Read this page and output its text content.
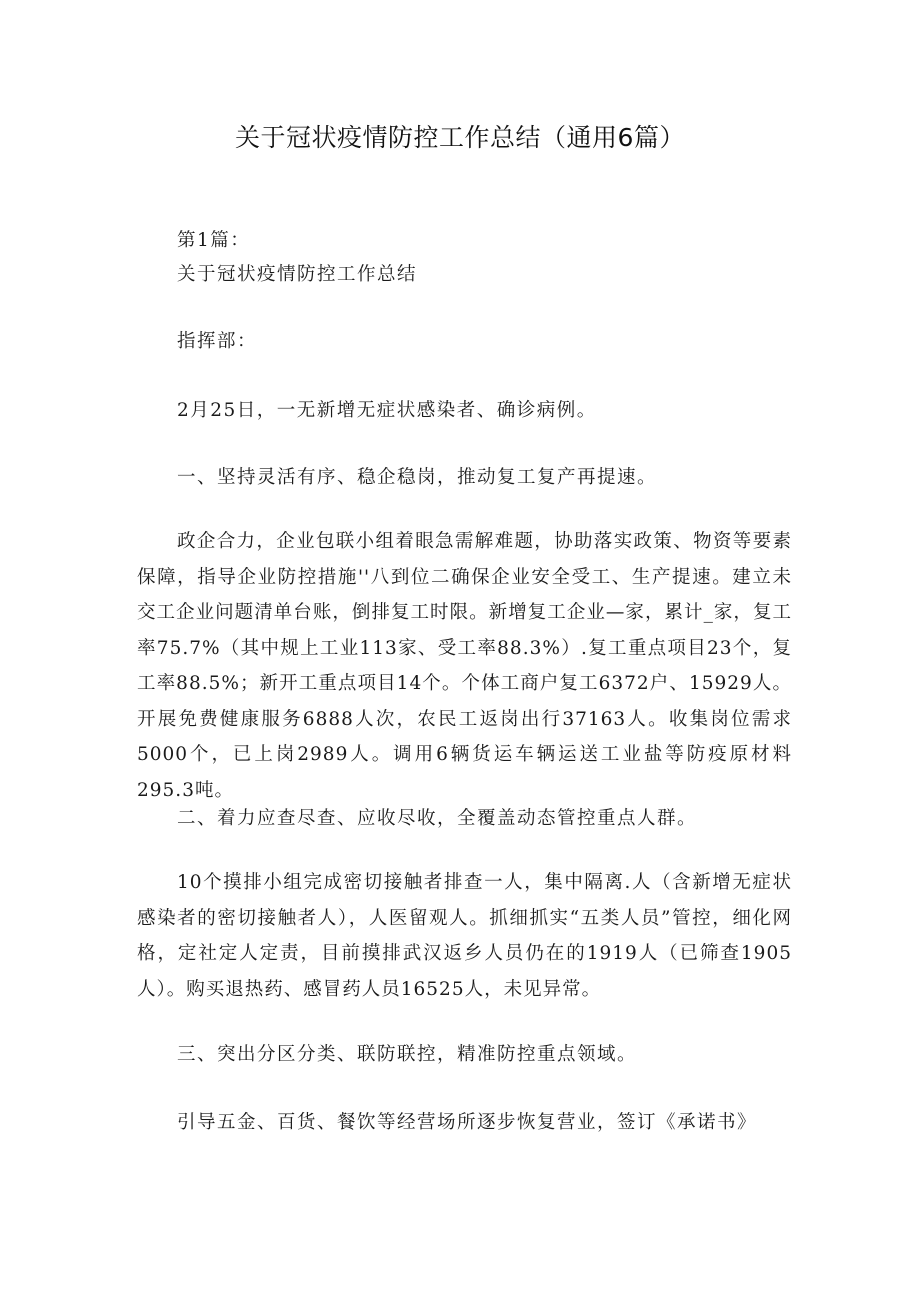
关于冠状疫情防控工作总结（通用6篇）
第1篇：
关于冠状疫情防控工作总结
指挥部：
2月25日，一无新增无症状感染者、确诊病例。
一、坚持灵活有序、稳企稳岗，推动复工复产再提速。
政企合力，企业包联小组着眼急需解难题，协助落实政策、物资等要素保障，指导企业防控措施''八到位二确保企业安全受工、生产提速。建立未交工企业问题清单台账，倒排复工时限。新增复工企业—家，累计_家，复工率75.7%（其中规上工业113家、受工率88.3%）.复工重点项目23个，复工率88.5%；新开工重点项目14个。个体工商户复工6372户、15929人。开展免费健康服务6888人次，农民工返岗出行37163人。收集岗位需求5000个，已上岗2989人。调用6辆货运车辆运送工业盐等防疫原材料295.3吨。
二、着力应查尽查、应收尽收，全覆盖动态管控重点人群。
10个摸排小组完成密切接触者排查一人，集中隔离.人（含新增无症状感染者的密切接触者人），人医留观人。抓细抓实“五类人员”管控，细化网格，定社定人定责，目前摸排武汉返乡人员仍在的1919人（已筛查1905人）。购买退热药、感冒药人员16525人，未见异常。
三、突出分区分类、联防联控，精准防控重点领域。
引导五金、百货、餐饮等经营场所逐步恢复营业，签订《承诺书》
